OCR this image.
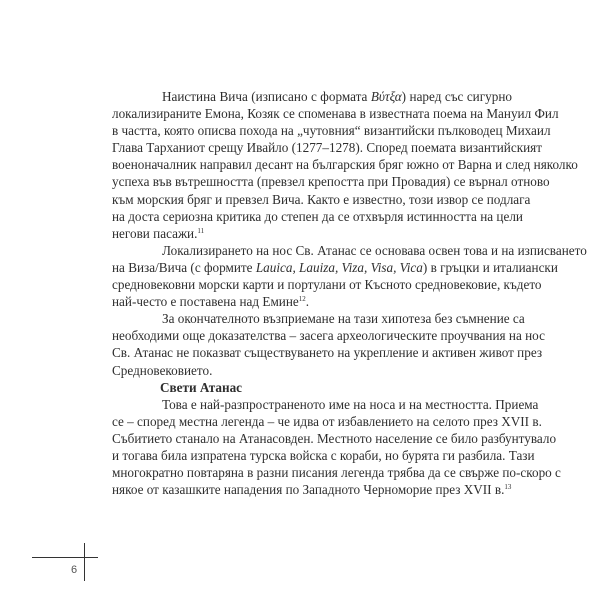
Наистина Вича (изписано с формата Βύτξα) наред със сигурно
локализираните Емона, Козяк се споменава в известната поема на Мануил Фил
в частта, която описва похода на „чутовния“ византийски пълководец Михаил
Глава Тарханиот срещу Ивайло (1277–1278). Според поемата византийският
военоначалник направил десант на българския бряг южно от Варна и след няколко
успеха във вътрешността (превзел крепостта при Провадия) се върнал отново
към морския бряг и превзел Вича. Както е известно, този извор се подлага
на доста сериозна критика до степен да се отхвърля истинността на цели
негови пасажи.$^{11}$
Локализирането на нос Св. Атанас се основава освен това и на изписването
на Виза/Вича (с формите Lauica, Lauiza, Viza, Visa, Vica) в гръцки и италиански
средновековни морски карти и портулани от Късното средновековие, където
най-често е поставена над Емине$^{12}$.
За окончателното възприемане на тази хипотеза без съмнение са
необходими още доказателства – засега археологическите проучвания на нос
Св. Атанас не показват съществуването на укрепление и активен живот през
Средновековието.
Свети Атанас
Това е най-разпространеното име на носа и на местността. Приема
се – според местна легенда – че идва от избавлението на селото през XVII в.
Събитието станало на Атанасовден. Местното население се било разбунтувало
и тогава била изпратена турска войска с кораби, но бурята ги разбила. Тази
многократно повтаряна в разни писания легенда трябва да се свърже по-скоро с
някое от казашките нападения по Западното Черноморие през XVII в.$^{13}$
6
